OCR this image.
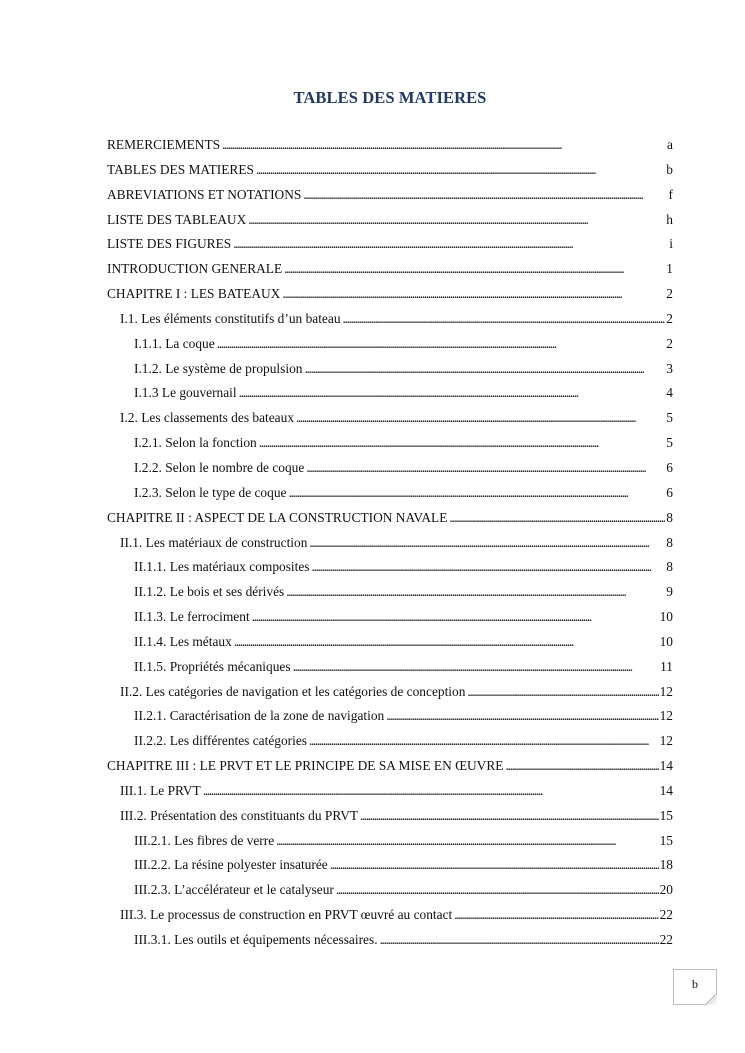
TABLES DES MATIERES
REMERCIEMENTS . . .	a
TABLES DES MATIERES . . .	b
ABREVIATIONS ET NOTATIONS . . .	f
LISTE DES TABLEAUX . . .	h
LISTE DES FIGURES . . .	i
INTRODUCTION GENERALE . . .	1
CHAPITRE I : LES BATEAUX . . .	2
I.1. Les éléments constitutifs d’un bateau . . .	2
I.1.1. La coque . . .	2
I.1.2. Le système de propulsion . . .	3
I.1.3 Le gouvernail . . .	4
I.2. Les classements des bateaux . . .	5
I.2.1. Selon la fonction . . .	5
I.2.2. Selon le nombre de coque . . .	6
I.2.3. Selon le type de coque . . .	6
CHAPITRE II : ASPECT DE LA CONSTRUCTION NAVALE . . .	8
II.1. Les matériaux de construction . . .	8
II.1.1. Les matériaux composites . . .	8
II.1.2. Le bois et ses dérivés . . .	9
II.1.3. Le ferrociment . . .	10
II.1.4. Les métaux . . .	10
II.1.5. Propriétés mécaniques . . .	11
II.2. Les catégories de navigation et les catégories de conception . . .	12
II.2.1. Caractérisation de la zone de navigation . . .	12
II.2.2. Les différentes catégories . . .	12
CHAPITRE III : LE PRVT ET LE PRINCIPE DE SA MISE EN ŒUVRE . . .	14
III.1. Le PRVT . . .	14
III.2. Présentation des constituants du PRVT . . .	15
III.2.1. Les fibres de verre . . .	15
III.2.2. La résine polyester insaturée . . .	18
III.2.3. L’accélérateur et le catalyseur . . .	20
III.3. Le processus de construction en PRVT œuvré au contact . . .	22
III.3.1. Les outils et équipements nécessaires. . . .	22
b
